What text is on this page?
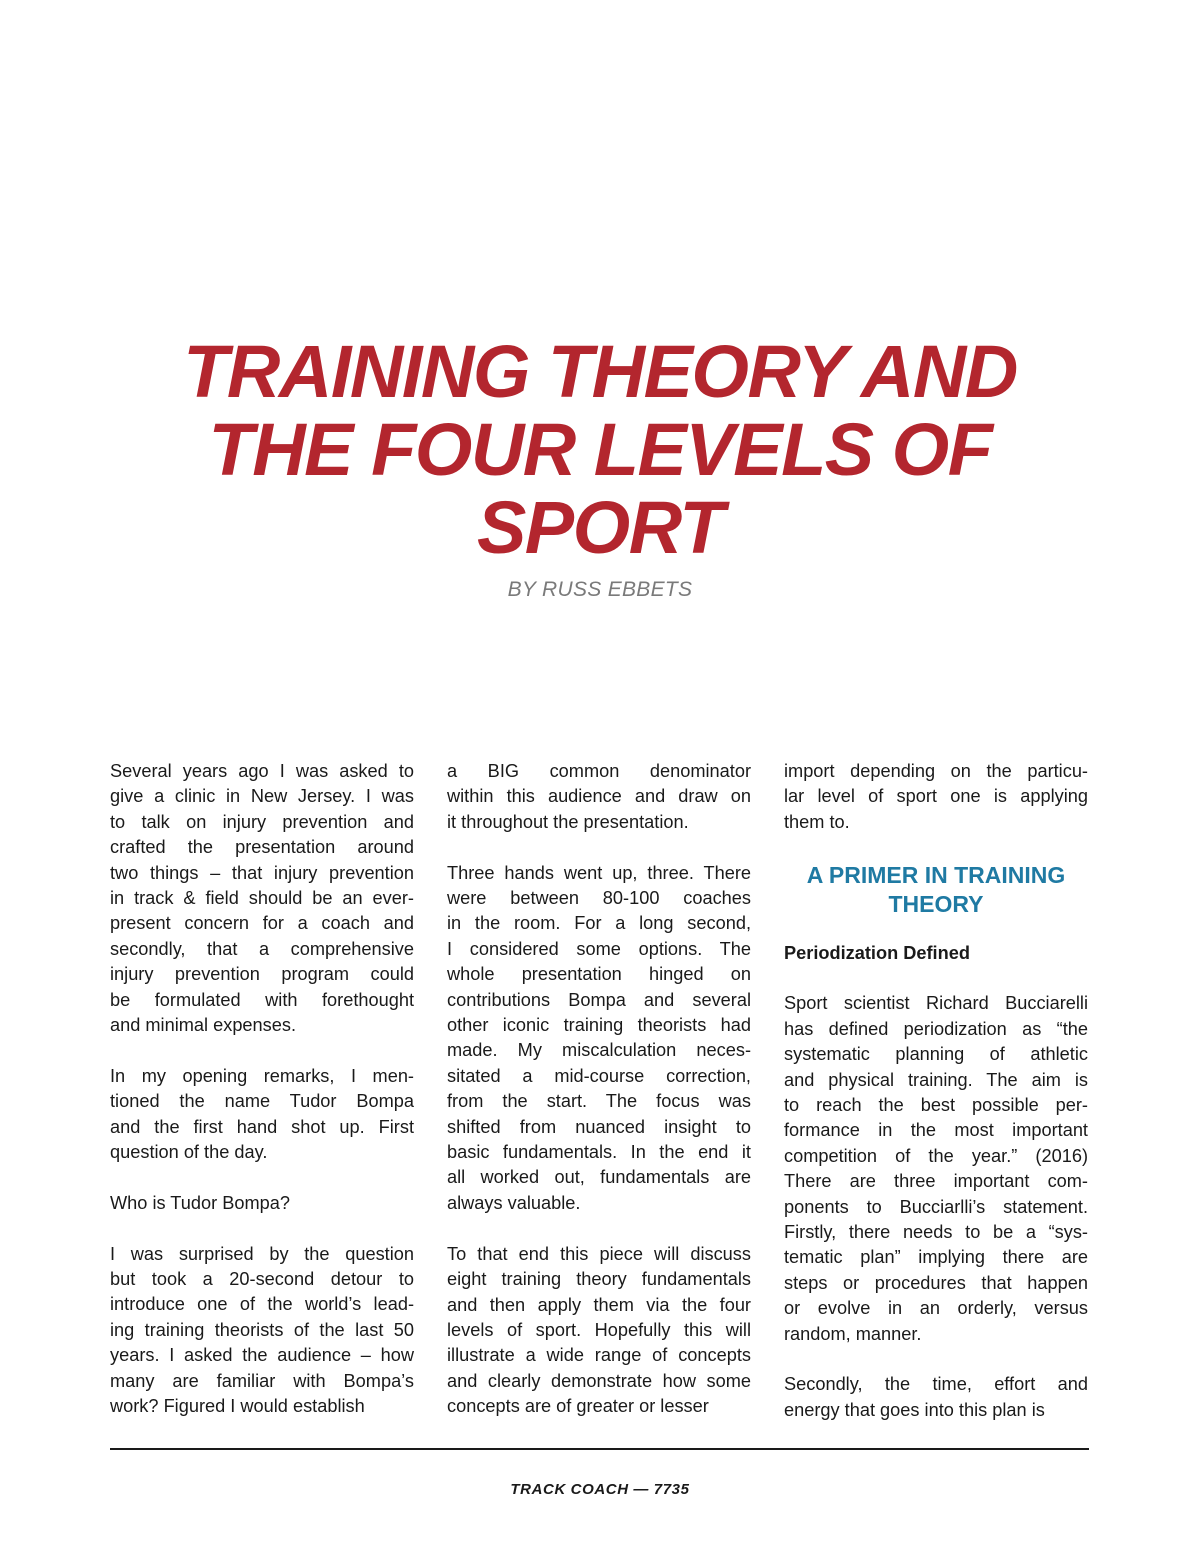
TRAINING THEORY AND
THE FOUR LEVELS OF
SPORT

BY RUSS EBBETS

Several years ago I was asked to
give a clinic in New Jersey. I was
to talk on injury prevention and
crafted the presentation around
two things – that injury prevention
in track & field should be an ever-
present concern for a coach and
secondly, that a comprehensive
injury prevention program could
be formulated with forethought
and minimal expenses.

In my opening remarks, I men-
tioned the name Tudor Bompa
and the first hand shot up. First
question of the day.

Who is Tudor Bompa?

I was surprised by the question
but took a 20-second detour to
introduce one of the world’s lead-
ing training theorists of the last 50
years. I asked the audience – how
many are familiar with Bompa’s
work? Figured I would establish

a BIG common denominator
within this audience and draw on
it throughout the presentation.

Three hands went up, three. There
were between 80-100 coaches
in the room. For a long second,
I considered some options. The
whole presentation hinged on
contributions Bompa and several
other iconic training theorists had
made. My miscalculation neces-
sitated a mid-course correction,
from the start. The focus was
shifted from nuanced insight to
basic fundamentals. In the end it
all worked out, fundamentals are
always valuable.

To that end this piece will discuss
eight training theory fundamentals
and then apply them via the four
levels of sport. Hopefully this will
illustrate a wide range of concepts
and clearly demonstrate how some
concepts are of greater or lesser

import depending on the particu-
lar level of sport one is applying
them to.

A PRIMER IN TRAINING
THEORY
Periodization Defined

Sport scientist Richard Bucciarelli
has defined periodization as “the
systematic planning of athletic
and physical training. The aim is
to reach the best possible per-
formance in the most important
competition of the year.” (2016)
There are three important com-
ponents to Bucciarlli’s statement.
Firstly, there needs to be a “sys-
tematic plan” implying there are
steps or procedures that happen
or evolve in an orderly, versus
random, manner.

Secondly, the time, effort and
energy that goes into this plan is

TRACK COACH — 7735
